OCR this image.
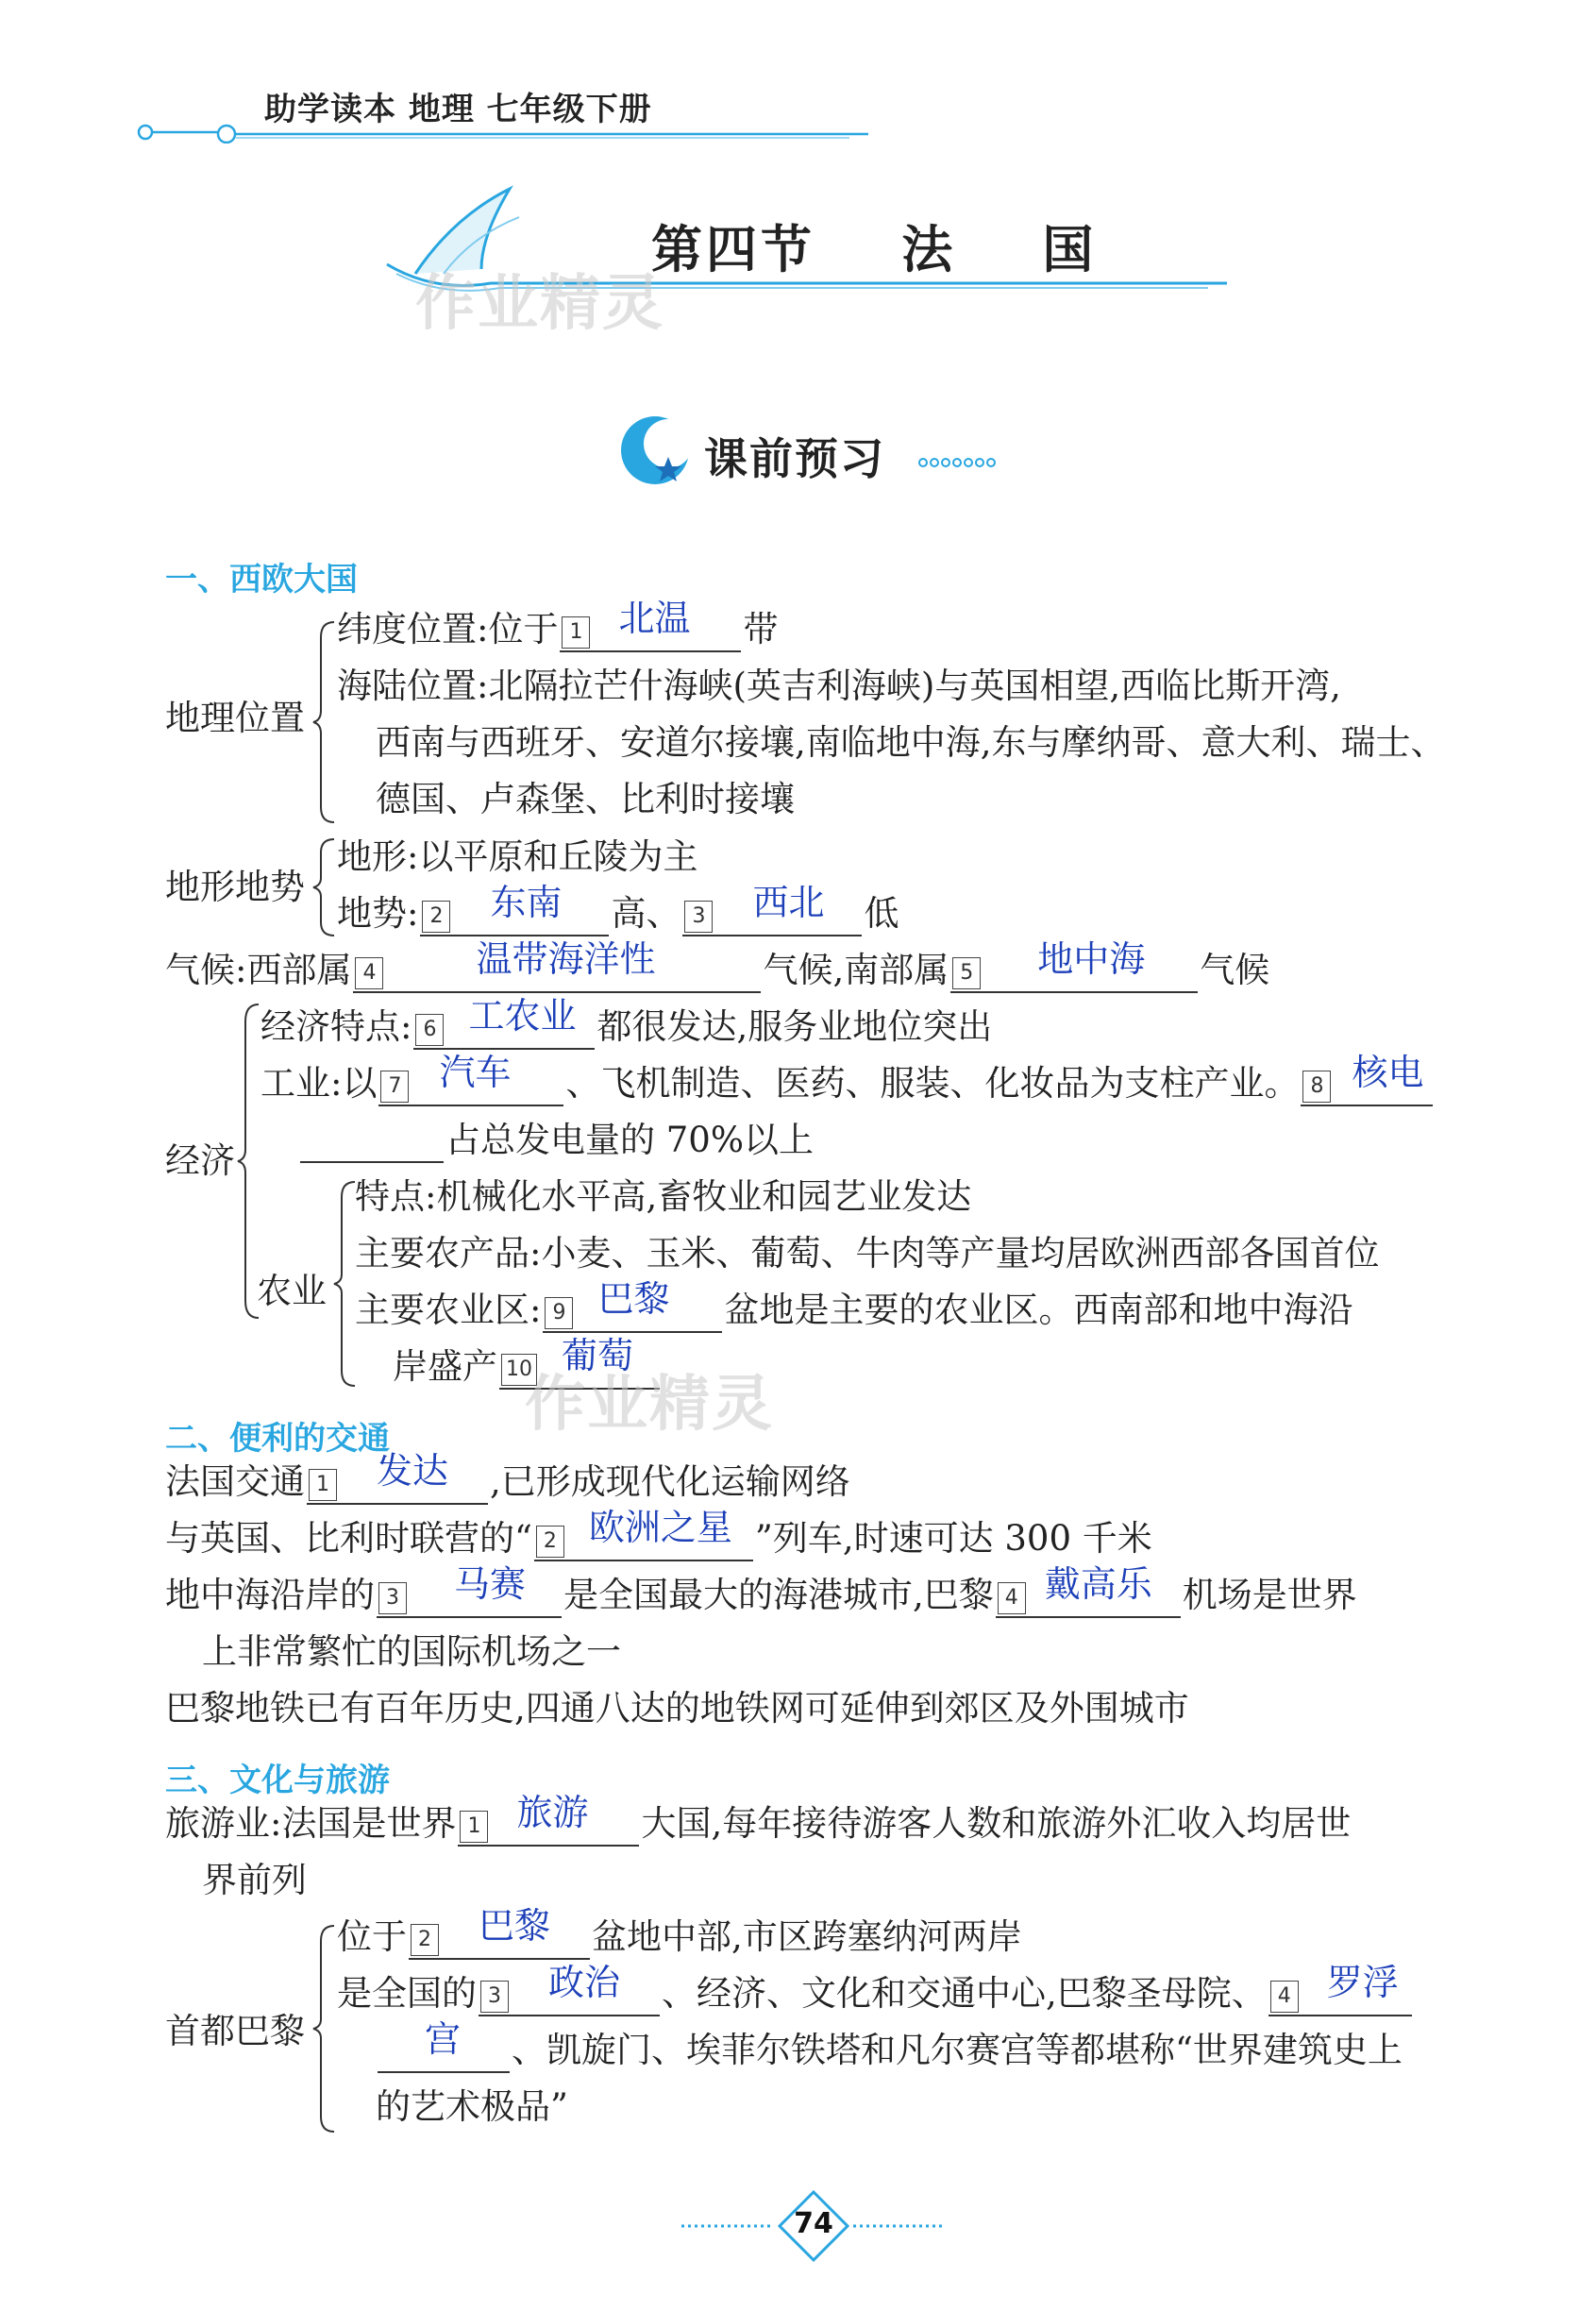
助学读本 地理 七年级下册
第四节    法    国
作业精灵
课前预习
一、西欧大国
地理位置
纬度位置:位于 1 北温 带
海陆位置:北隔拉芒什海峡(英吉利海峡)与英国相望,西临比斯开湾,
西南与西班牙、安道尔接壤,南临地中海,东与摩纳哥、意大利、瑞士、
德国、卢森堡、比利时接壤
地形地势
地形:以平原和丘陵为主
地势: 2 东南 高、 3 西北 低
气候:西部属 4	温带海洋性	气候,南部属 5 地中海 气候
经济
经济特点: 6 工农业 都很发达,服务业地位突出
工业:以 7 汽车 、飞机制造、医药、服装、化妆品为支柱产业。 8 核电
占总发电量的 70%以上
农业
特点:机械化水平高,畜牧业和园艺业发达
主要农产品:小麦、玉米、葡萄、牛肉等产量均居欧洲西部各国首位
主要农业区: 9 巴黎 盆地是主要的农业区。西南部和地中海沿
岸盛产 10 葡萄
作业精灵
二、便利的交通
法国交通 1 发达 ,已形成现代化运输网络
与英国、比利时联营的“ 2 欧洲之星 ”列车,时速可达 300 千米
地中海沿岸的 3 马赛 是全国最大的海港城市,巴黎 4 戴高乐 机场是世界
上非常繁忙的国际机场之一
巴黎地铁已有百年历史,四通八达的地铁网可延伸到郊区及外围城市
三、文化与旅游
旅游业:法国是世界 1 旅游 大国,每年接待游客人数和旅游外汇收入均居世
界前列
首都巴黎
位于 2 巴黎 盆地中部,市区跨塞纳河两岸
是全国的 3 政治 、经济、文化和交通中心,巴黎圣母院、 4 罗浮
宫 、凯旋门、埃菲尔铁塔和凡尔赛宫等都堪称“世界建筑史上
的艺术极品”
74
